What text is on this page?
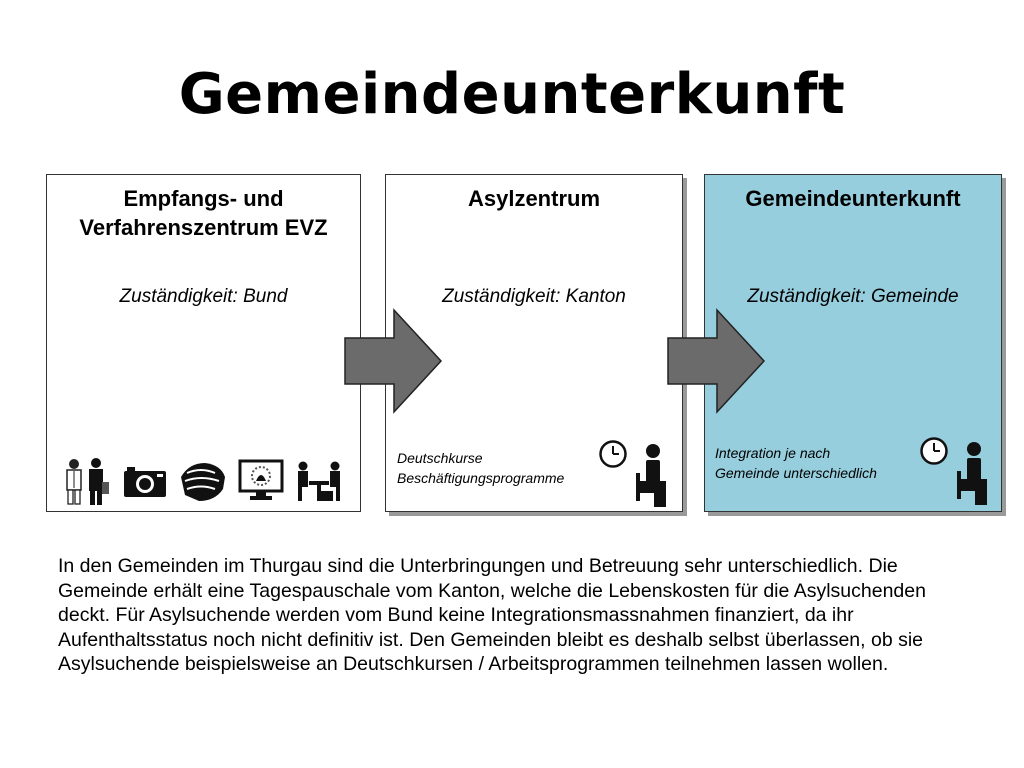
Gemeindeunterkunft
Empfangs- und
Verfahrenszentrum EVZ
Zuständigkeit: Bund
Asylzentrum
Zuständigkeit: Kanton
Deutschkurse
Beschäftigungsprogramme
Gemeindeunterkunft
Zuständigkeit: Gemeinde
Integration je nach
Gemeinde unterschiedlich
In den Gemeinden im Thurgau sind die Unterbringungen und Betreuung sehr unterschiedlich. Die Gemeinde erhält eine Tagespauschale vom Kanton, welche die Lebenskosten für die Asylsuchenden deckt. Für Asylsuchende werden vom Bund keine Integrationsmassnahmen finanziert, da ihr Aufenthaltsstatus noch nicht definitiv ist. Den Gemeinden bleibt es deshalb selbst überlassen, ob sie Asylsuchende beispielsweise an Deutschkursen / Arbeitsprogrammen teilnehmen lassen wollen.
